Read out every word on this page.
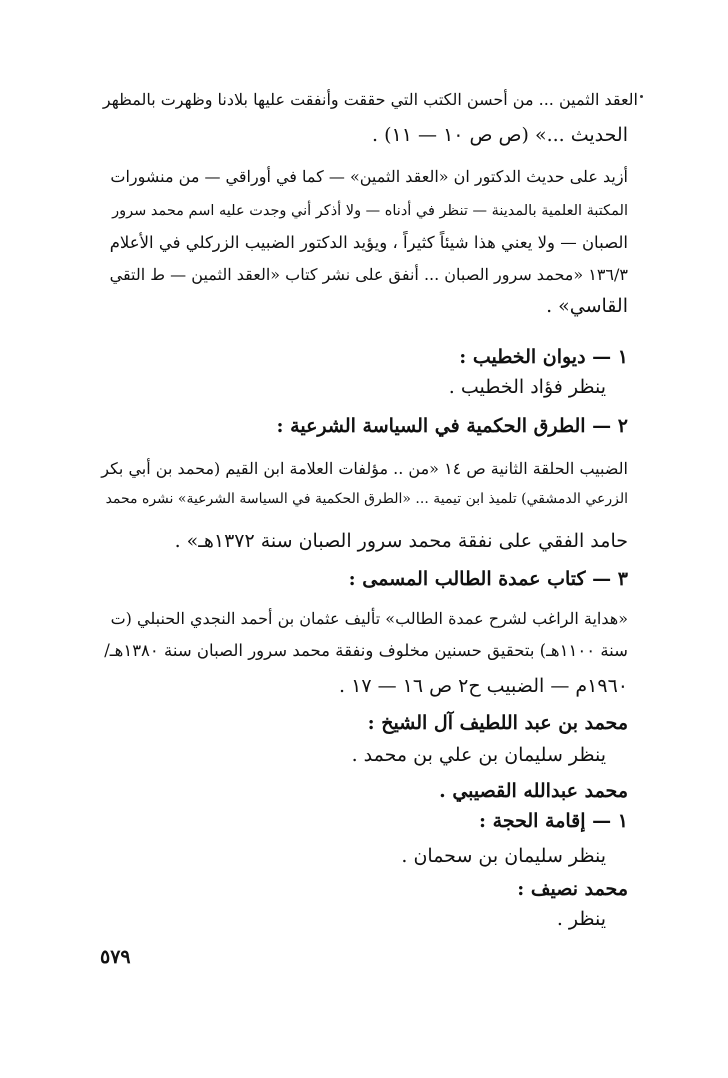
العقد الثمين ... من أحسن الكتب التي حققت وأنفقت عليها بلادنا وظهرت بالمظهر
الحديث ...» (ص ص ١٠ — ١١) .
أزيد على حديث الدكتور ان «العقد الثمين» — كما في أوراقي — من منشورات
المكتبة العلمية بالمدينة — تنظر في أدناه — ولا أذكر أني وجدت عليه اسم محمد سرور
الصبان — ولا يعني هذا شيئاً كثيراً ، ويؤيد الدكتور الضبيب الزركلي في الأعلام
١٣٦/٣ «محمد سرور الصبان ... أنفق على نشر كتاب «العقد الثمين — ط التقي
القاسي» .
١ — ديوان الخطيب :
ينظر فؤاد الخطيب .
٢ — الطرق الحكمية في السياسة الشرعية :
الضبيب الحلقة الثانية ص ١٤ «من .. مؤلفات العلامة ابن القيم (محمد بن أبي بكر
الزرعي الدمشقي) تلميذ ابن تيمية ... «الطرق الحكمية في السياسة الشرعية» نشره محمد
حامد الفقي على نفقة محمد سرور الصبان سنة ١٣٧٢هـ» .
٣ — كتاب عمدة الطالب المسمى :
«هداية الراغب لشرح عمدة الطالب» تأليف عثمان بن أحمد النجدي الحنبلي (ت
سنة ١١٠٠هـ) بتحقيق حسنين مخلوف ونفقة محمد سرور الصبان سنة ١٣٨٠هـ/
١٩٦٠م — الضبيب ح٢ ص ١٦ — ١٧ .
محمد بن عبد اللطيف آل الشيخ :
ينظر سليمان بن علي بن محمد .
محمد عبدالله القصيبي .
١ — إقامة الحجة :
ينظر سليمان بن سحمان .
محمد نصيف :
ينظر .
٥٧٩
